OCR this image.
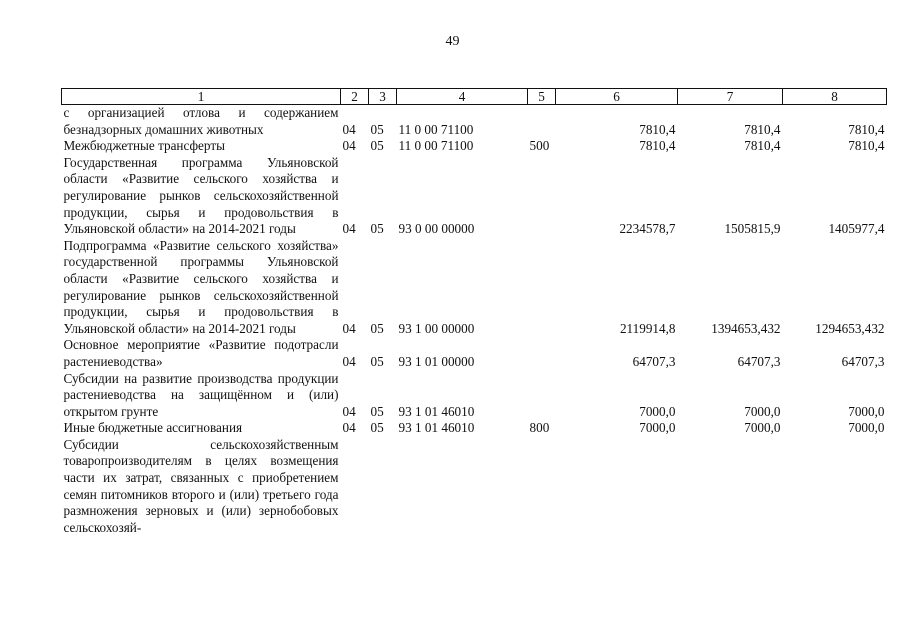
49
1	2	3	4	5	6	7	8
с организацией отлова и содержанием безнадзорных домашних животных	04	05	11 0 00 71100		7810,4	7810,4	7810,4
Межбюджетные трансферты	04	05	11 0 00 71100	500	7810,4	7810,4	7810,4
Государственная программа Ульяновской области «Развитие сельского хозяйства и регулирование рынков сельскохозяйственной продукции, сырья и продовольствия в Ульяновской области» на 2014-2021 годы	04	05	93 0 00 00000		2234578,7	1505815,9	1405977,4
Подпрограмма «Развитие сельского хозяйства» государственной программы Ульяновской области «Развитие сельского хозяйства и регулирование рынков сельскохозяйственной продукции, сырья и продовольствия в Ульяновской области» на 2014-2021 годы	04	05	93 1 00 00000		2119914,8	1394653,432	1294653,432
Основное мероприятие «Развитие подотрасли растениеводства»	04	05	93 1 01 00000		64707,3	64707,3	64707,3
Субсидии на развитие производства продукции растениеводства на защищённом и (или) открытом грунте	04	05	93 1 01 46010		7000,0	7000,0	7000,0
Иные бюджетные ассигнования	04	05	93 1 01 46010	800	7000,0	7000,0	7000,0
Субсидии сельскохозяйственным товаропроизводителям в целях возмещения части их затрат, связанных с приобретением семян питомников второго и (или) третьего года размножения зерновых и (или) зернобобовых сельскохозяй-							
